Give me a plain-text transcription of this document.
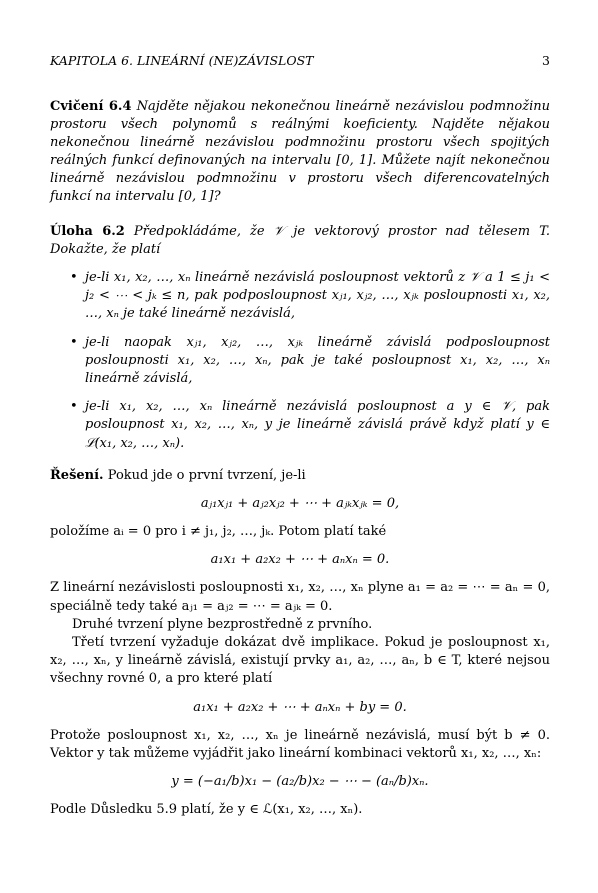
KAPITOLA 6. LINEÁRNÍ (NE)ZÁVISLOST	3

Cvičení 6.4 Najděte nějakou nekonečnou lineárně nezávislou podmnožinu prostoru všech polynomů s reálnými koeficienty. Najděte nějakou nekonečnou lineárně nezávislou podmnožinu prostoru všech spojitých reálných funkcí definovaných na intervalu [0, 1]. Můžete najít nekonečnou lineárně nezávislou podmnožinu v prostoru všech diferencovatelných funkcí na intervalu [0, 1]?

Úloha 6.2 Předpokládáme, že 𝒱 je vektorový prostor nad tělesem T. Dokažte, že platí

• je-li x₁, x₂, …, xₙ lineárně nezávislá posloupnost vektorů z 𝒱 a 1 ≤ j₁ < j₂ < ⋯ < jₖ ≤ n, pak podposloupnost xⱼ₁, xⱼ₂, …, xⱼₖ posloupnosti x₁, x₂, …, xₙ je také lineárně nezávislá,
• je-li naopak xⱼ₁, xⱼ₂, …, xⱼₖ lineárně závislá podposloupnost posloupnosti x₁, x₂, …, xₙ, pak je také posloupnost x₁, x₂, …, xₙ lineárně závislá,
• je-li x₁, x₂, …, xₙ lineárně nezávislá posloupnost a y ∈ 𝒱, pak posloupnost x₁, x₂, …, xₙ, y je lineárně závislá právě když platí y ∈ ℒ(x₁, x₂, …, xₙ).

Řešení. Pokud jde o první tvrzení, je-li

aⱼ₁xⱼ₁ + aⱼ₂xⱼ₂ + ⋯ + aⱼₖxⱼₖ = 0,

položíme aᵢ = 0 pro i ≠ j₁, j₂, …, jₖ. Potom platí také

a₁x₁ + a₂x₂ + ⋯ + aₙxₙ = 0.

Z lineární nezávislosti posloupnosti x₁, x₂, …, xₙ plyne a₁ = a₂ = ⋯ = aₙ = 0, speciálně tedy také aⱼ₁ = aⱼ₂ = ⋯ = aⱼₖ = 0.

Druhé tvrzení plyne bezprostředně z prvního.

Třetí tvrzení vyžaduje dokázat dvě implikace. Pokud je posloupnost x₁, x₂, …, xₙ, y lineárně závislá, existují prvky a₁, a₂, …, aₙ, b ∈ T, které nejsou všechny rovné 0, a pro které platí

a₁x₁ + a₂x₂ + ⋯ + aₙxₙ + by = 0.

Protože posloupnost x₁, x₂, …, xₙ je lineárně nezávislá, musí být b ≠ 0. Vektor y tak můžeme vyjádřit jako lineární kombinaci vektorů x₁, x₂, …, xₙ:

y = (−a₁/b)x₁ − (a₂/b)x₂ − ⋯ − (aₙ/b)xₙ.

Podle Důsledku 5.9 platí, že y ∈ ℒ(x₁, x₂, …, xₙ).
